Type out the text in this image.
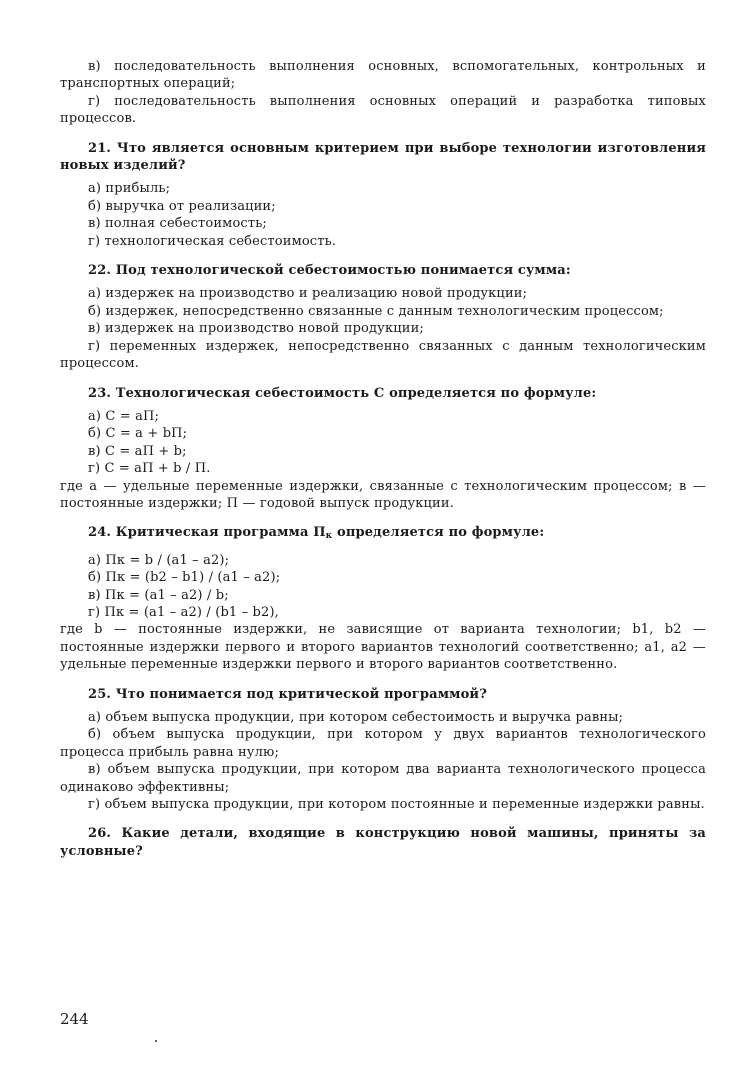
в) последовательность выполнения основных, вспомогательных, контрольных и транспортных операций;

г) последовательность выполнения основных операций и разработка типовых процессов.

21. Что является основным критерием при выборе технологии изготовления новых изделий?

а) прибыль;

б) выручка от реализации;

в) полная себестоимость;

г) технологическая себестоимость.

22. Под технологической себестоимостью понимается сумма:

а) издержек на производство и реализацию новой продукции;

б) издержек, непосредственно связанные с данным технологическим процессом;

в) издержек на производство новой продукции;

г) переменных издержек, непосредственно связанных с данным технологическим процессом.

23. Технологическая себестоимость С определяется по формуле:

а) С = аП;

б) С = а + bП;

в) С = аП + b;

г) С = аП + b / П.

где а — удельные переменные издержки, связанные с технологическим процессом; в — постоянные издержки; П — годовой выпуск продукции.

24. Критическая программа $П_к$ определяется по формуле:

а) Пк = b / (a1 – a2);

б) Пк = (b2 – b1) / (a1 – a2);

в) Пк = (a1 – a2) / b;

г) Пк = (a1 – a2) / (b1 – b2),

где b — постоянные издержки, не зависящие от варианта технологии; b1, b2 — постоянные издержки первого и второго вариантов технологий соответственно; a1, a2 — удельные переменные издержки первого и второго вариантов соответственно.

25. Что понимается под критической программой?

а) объем выпуска продукции, при котором себестоимость и выручка равны;

б) объем выпуска продукции, при котором у двух вариантов технологического процесса прибыль равна нулю;

в) объем выпуска продукции, при котором два варианта технологического процесса одинаково эффективны;

г) объем выпуска продукции, при котором постоянные и переменные издержки равны.

26. Какие детали, входящие в конструкцию новой машины, приняты за условные?

244
